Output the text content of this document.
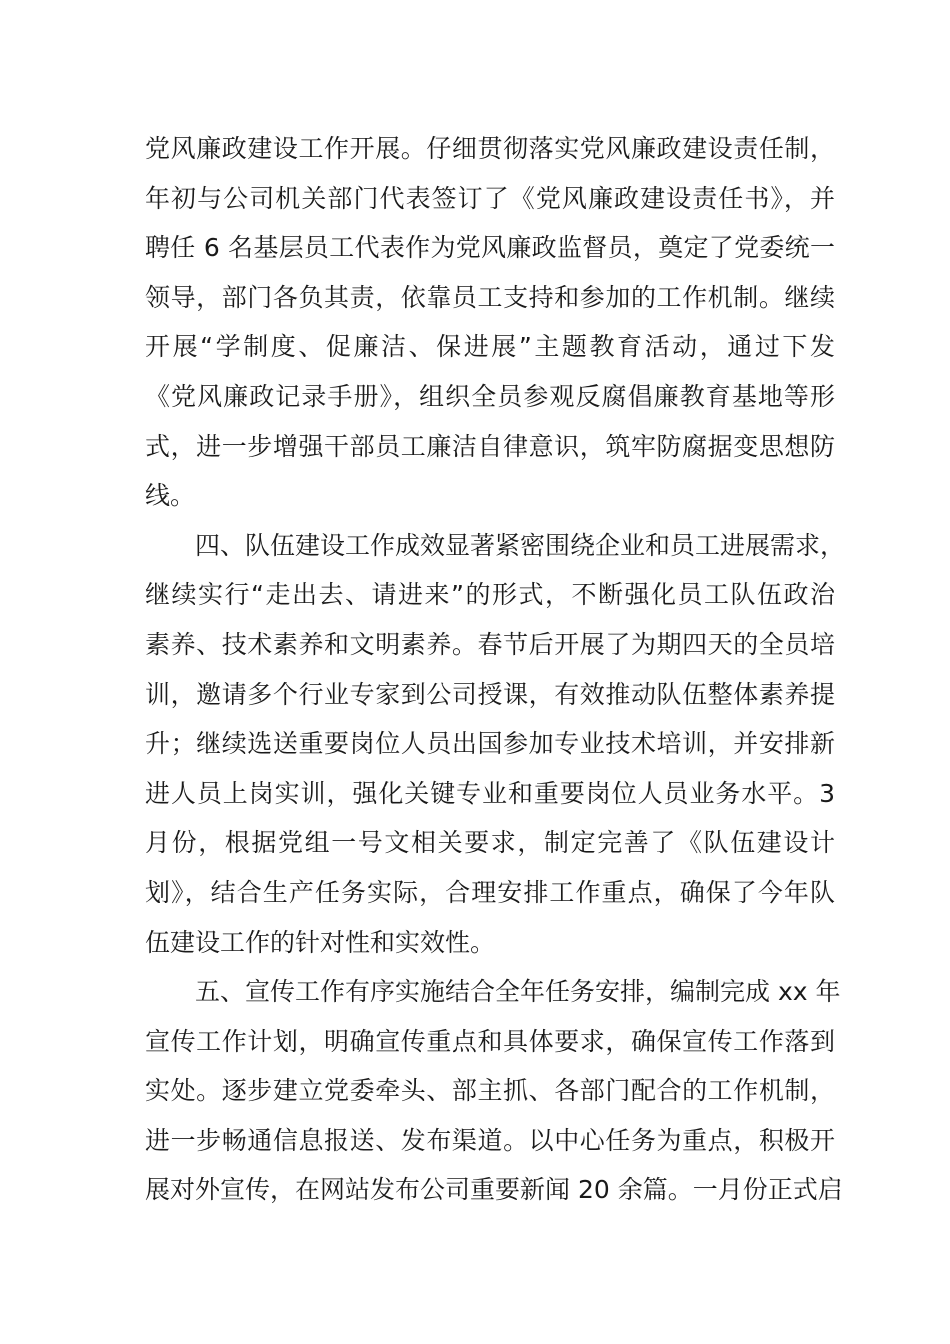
党风廉政建设工作开展。仔细贯彻落实党风廉政建设责任制，
年初与公司机关部门代表签订了《党风廉政建设责任书》，并
聘任 6 名基层员工代表作为党风廉政监督员，奠定了党委统一
领导，部门各负其责，依靠员工支持和参加的工作机制。继续
开展“学制度、促廉洁、保进展”主题教育活动，通过下发
《党风廉政记录手册》，组织全员参观反腐倡廉教育基地等形
式，进一步增强干部员工廉洁自律意识，筑牢防腐据变思想防
线。
四、队伍建设工作成效显著紧密围绕企业和员工进展需求，
继续实行“走出去、请进来”的形式，不断强化员工队伍政治
素养、技术素养和文明素养。春节后开展了为期四天的全员培
训，邀请多个行业专家到公司授课，有效推动队伍整体素养提
升；继续选送重要岗位人员出国参加专业技术培训，并安排新
进人员上岗实训，强化关键专业和重要岗位人员业务水平。3
月份，根据党组一号文相关要求，制定完善了《队伍建设计
划》，结合生产任务实际，合理安排工作重点，确保了今年队
伍建设工作的针对性和实效性。
五、宣传工作有序实施结合全年任务安排，编制完成 xx 年
宣传工作计划，明确宣传重点和具体要求，确保宣传工作落到
实处。逐步建立党委牵头、部主抓、各部门配合的工作机制，
进一步畅通信息报送、发布渠道。以中心任务为重点，积极开
展对外宣传，在网站发布公司重要新闻 20 余篇。一月份正式启
